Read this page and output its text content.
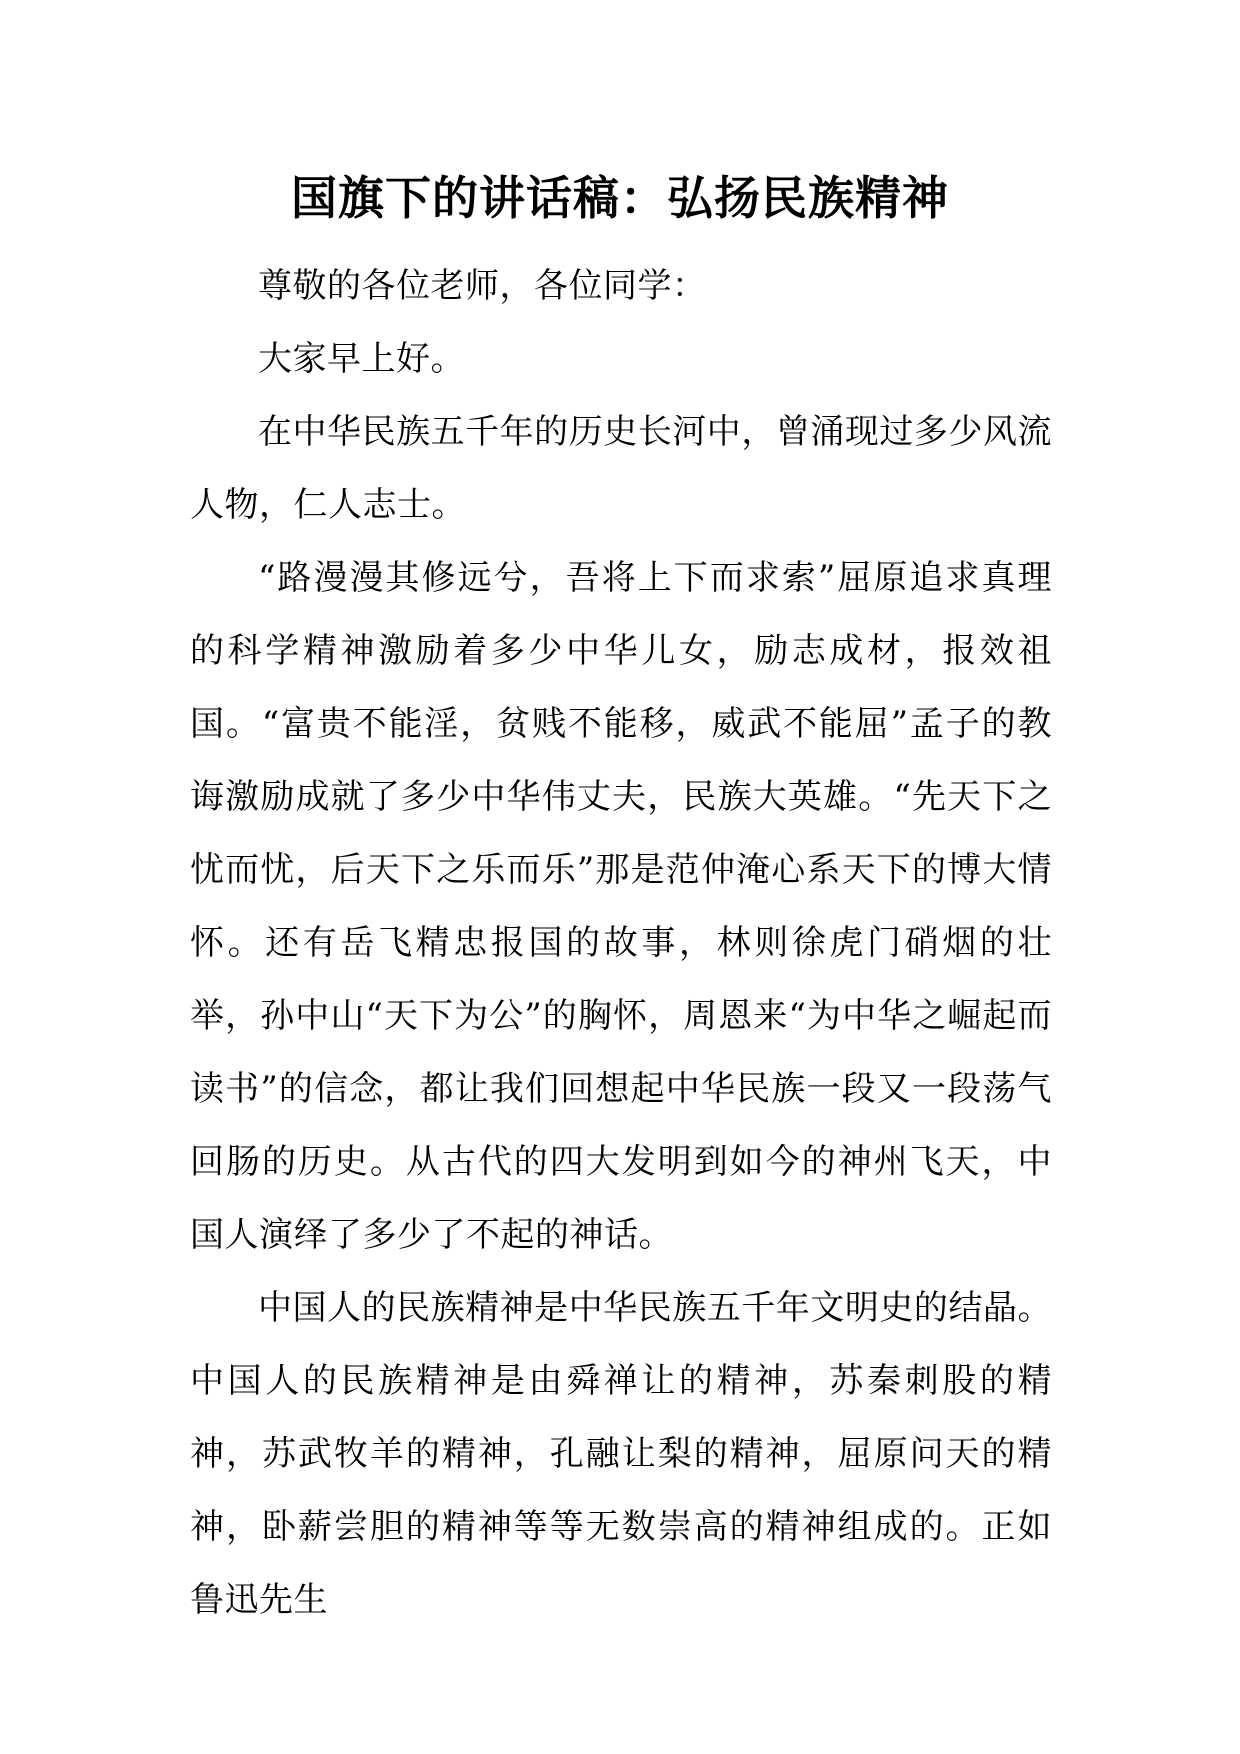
国旗下的讲话稿：弘扬民族精神

尊敬的各位老师，各位同学：

大家早上好。

在中华民族五千年的历史长河中，曾涌现过多少风流人物，仁人志士。

“路漫漫其修远兮，吾将上下而求索”屈原追求真理的科学精神激励着多少中华儿女，励志成材，报效祖国。“富贵不能淫，贫贱不能移，威武不能屈”孟子的教诲激励成就了多少中华伟丈夫，民族大英雄。“先天下之忧而忧，后天下之乐而乐”那是范仲淹心系天下的博大情怀。还有岳飞精忠报国的故事，林则徐虎门硝烟的壮举，孙中山“天下为公”的胸怀，周恩来“为中华之崛起而读书”的信念，都让我们回想起中华民族一段又一段荡气回肠的历史。从古代的四大发明到如今的神州飞天，中国人演绎了多少了不起的神话。

中国人的民族精神是中华民族五千年文明史的结晶。中国人的民族精神是由舜禅让的精神，苏秦刺股的精神，苏武牧羊的精神，孔融让梨的精神，屈原问天的精神，卧薪尝胆的精神等等无数崇高的精神组成的。正如鲁迅先生
